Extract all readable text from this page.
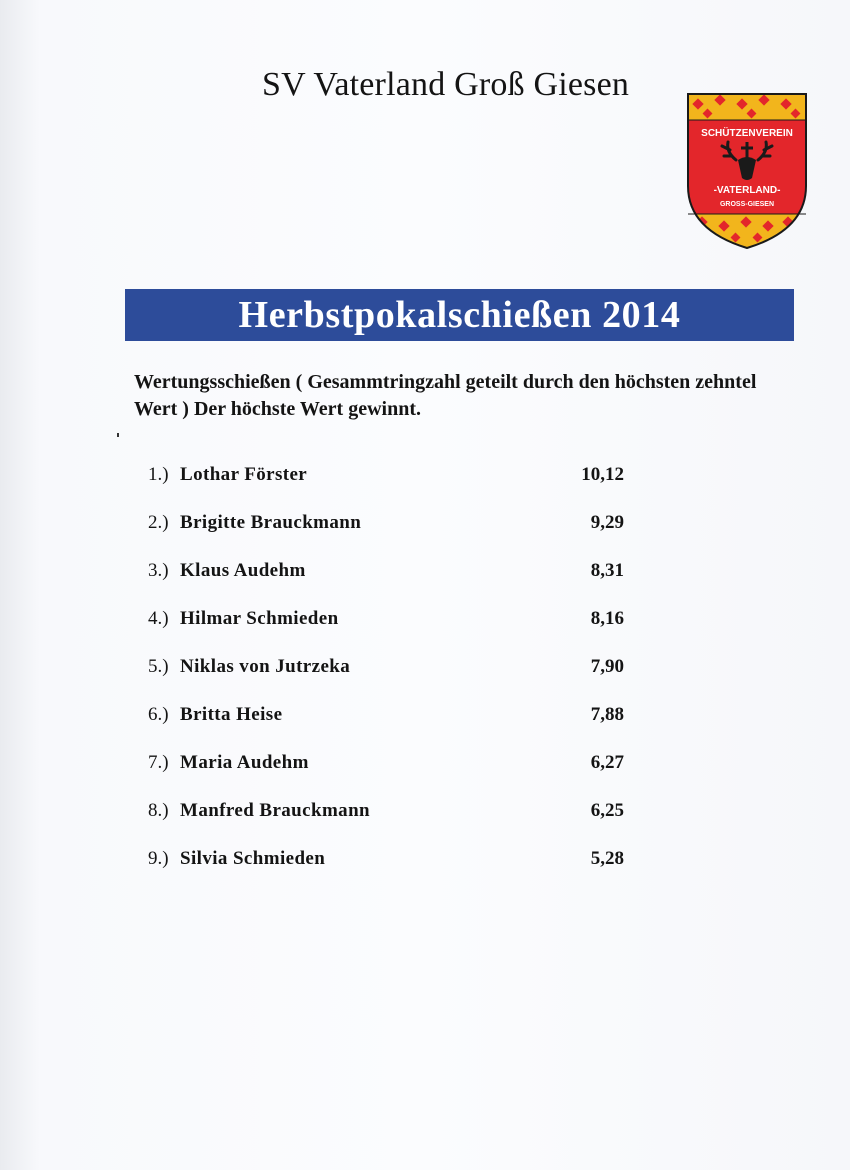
SV Vaterland Groß Giesen
SCHÜTZENVEREIN
-VATERLAND-
GROSS-GIESEN
Herbstpokalschießen 2014
Wertungsschießen ( Gesammtringzahl geteilt durch den höchsten zehntel Wert ) Der höchste Wert gewinnt.
1.) Lothar Förster	10,12
2.) Brigitte Brauckmann	9,29
3.) Klaus Audehm	8,31
4.) Hilmar Schmieden	8,16
5.) Niklas von Jutrzeka	7,90
6.) Britta Heise	7,88
7.) Maria Audehm	6,27
8.) Manfred Brauckmann	6,25
9.) Silvia Schmieden	5,28
